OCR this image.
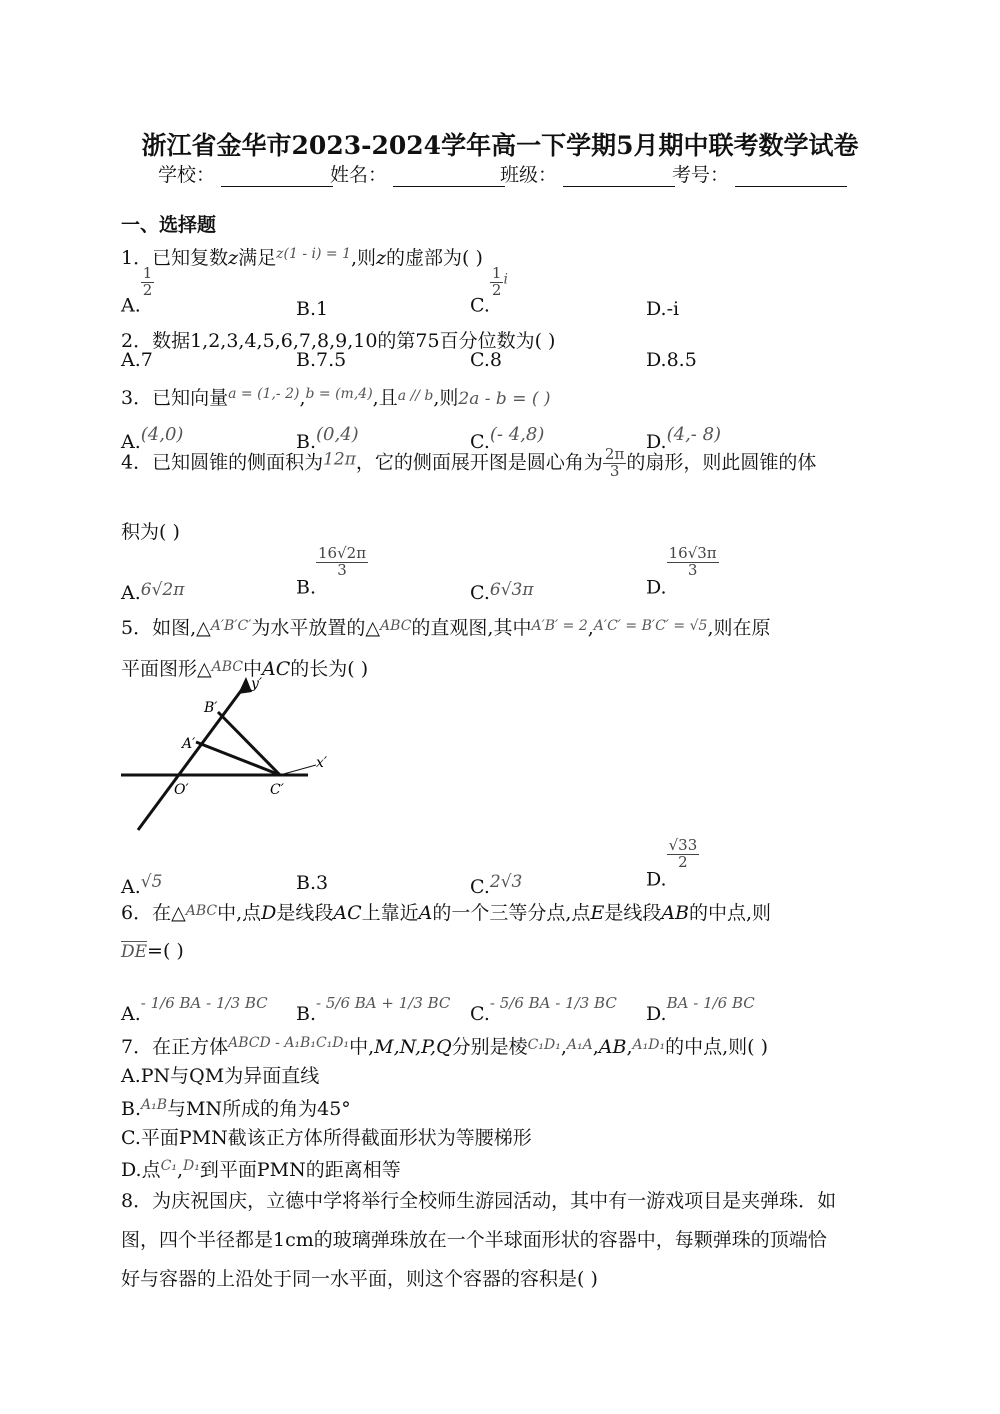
浙江省金华市2023-2024学年高一下学期5月期中联考数学试卷
学校：	姓名：	班级：	考号：
一、选择题
1．已知复数z满足$^{z(1 - i) = 1}$,则z的虚部为( )
A.
$\frac{1}{2}$
B.1	C.
$\frac{1}{2} ^i$
D.-i
2．数据1,2,3,4,5,6,7,8,9,10的第75百分位数为( )
A.7	B.7.5	C.8	D.8.5
3．已知向量$^{a = (1,- 2)}$,$^{b = (m,4)}$,且$^{a // b}$,则2a - b = ( )
A.(4,0)	B.(0,4)	C.(- 4,8)	D.(4,- 8)
4．已知圆锥的侧面积为12π，它的侧面展开图是圆心角为 $\frac{2\pi}{3}$ 的扇形，则此圆锥的体
积为( )
A.6√2π	B.
$\frac{16√2\pi}{3}$
C.6√3π	D.
$\frac{16√3\pi}{3}$
5．如图,△$^{A'B'C'}$为水平放置的△$^{ABC}$的直观图,其中$^{A'B' = 2}$,$^{A'C' = B'C' = √5}$,则在原
平面图形△$^{ABC}$中AC的长为( )
y′
x′
B′
A′
O′	C′
A.√5	B.3	C.2√3	D.
$\frac{√33}{2}$
6．在△$^{ABC}$中,点D是线段AC上靠近A的一个三等分点,点E是线段AB的中点,则
$\overline{DE}=$( )
A.$^{- 1/6 BA - 1/3 BC}$ B.$^{- 5/6 BA + 1/3 BC}$ C.$^{- 5/6 BA - 1/3 BC}$ D.$^{BA - 1/6 BC}$
7．在正方体$^{ABCD - A_1B_1C_1D_1}$中,M,N,P,Q分别是棱$^{C_1D_1}$,$^{A_1A}$,AB,$^{A_1D_1}$的中点,则( )
A.PN与QM为异面直线
B.$^{A_1B}$与MN所成的角为45°
C.平面PMN截该正方体所得截面形状为等腰梯形
D.点$^{C_1}$,$^{D_1}$到平面PMN的距离相等
8．为庆祝国庆，立德中学将举行全校师生游园活动，其中有一游戏项目是夹弹珠．如
图，四个半径都是1cm的玻璃弹珠放在一个半球面形状的容器中，每颗弹珠的顶端恰
好与容器的上沿处于同一水平面，则这个容器的容积是( )
